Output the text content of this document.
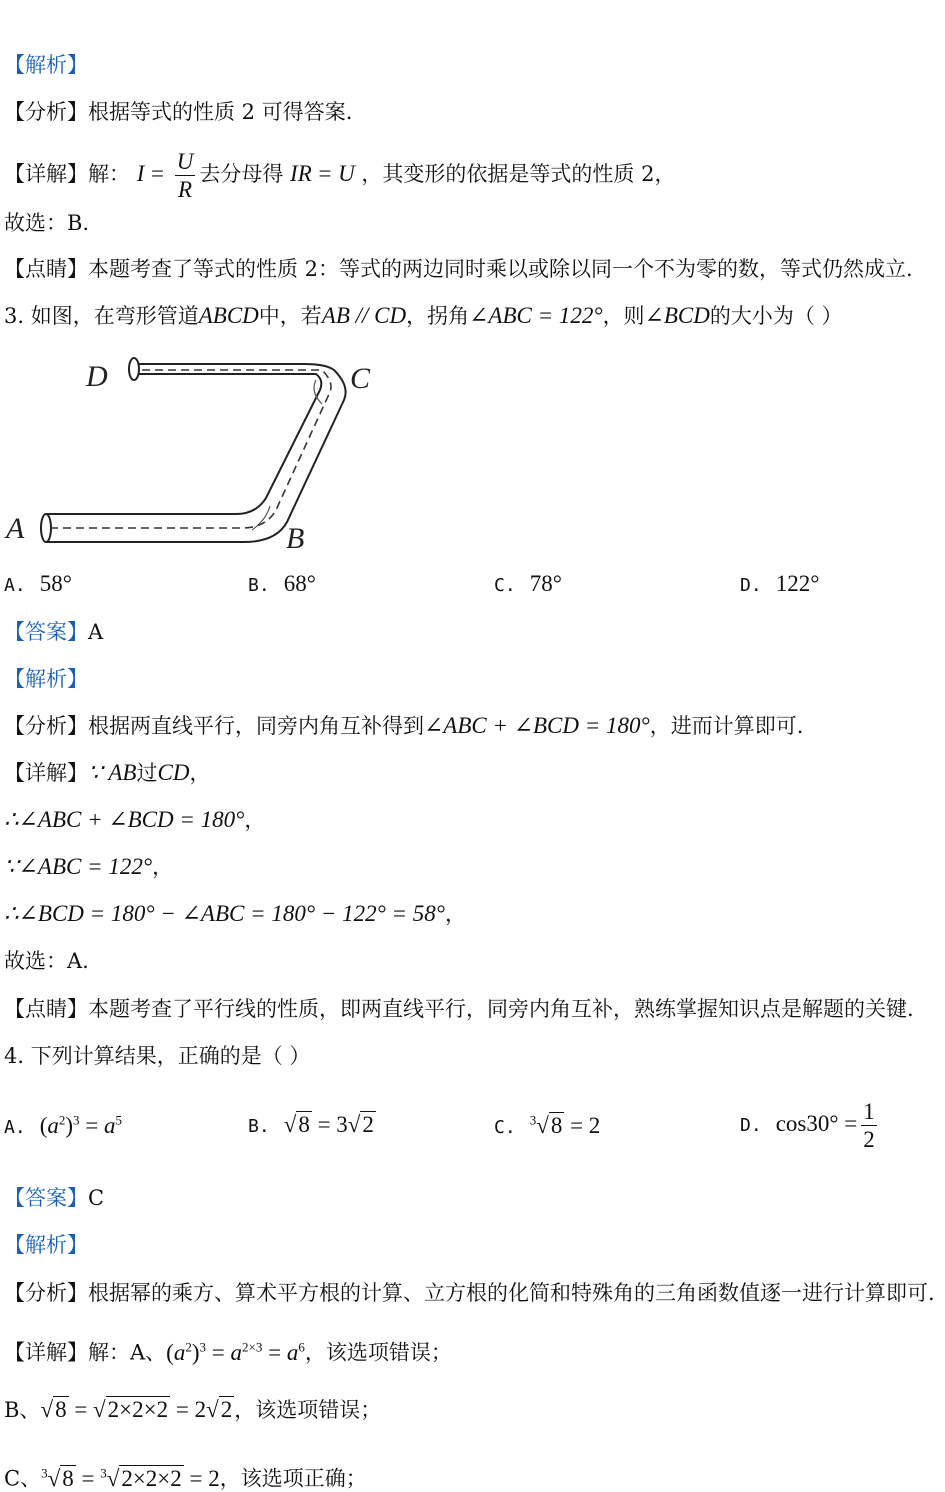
【解析】
【分析】根据等式的性质 2 可得答案.
【详解】解： $I = \frac{U}{R}$ 去分母得 IR = U ，其变形的依据是等式的性质 2，
故选：B.
【点睛】本题考查了等式的性质 2：等式的两边同时乘以或除以同一个不为零的数，等式仍然成立.
3. 如图，在弯形管道ABCD中，若AB // CD，拐角∠ABC = 122°，则∠BCD的大小为（ ）
A	B
C
D
A. 58°	B. 68°	C. 78°	D. 122°
【答案】A
【解析】
【分析】根据两直线平行，同旁内角互补得到∠ABC + ∠BCD = 180°，进而计算即可.
【详解】∵ AB过CD，
∴∠ABC + ∠BCD = 180°，
∵∠ABC = 122°，
∴∠BCD = 180° − ∠ABC = 180° − 122° = 58°，
故选：A.
【点睛】本题考查了平行线的性质，即两直线平行，同旁内角互补，熟练掌握知识点是解题的关键.
4. 下列计算结果，正确的是（ ）
A. $(a^2)^3 = a^5$	B. √8 = 3√2	C. $^3$√8 = 2	D. $\cos 30^\circ = \frac{1}{2}$
【答案】C
【解析】
【分析】根据幂的乘方、算术平方根的计算、立方根的化简和特殊角的三角函数值逐一进行计算即可.
【详解】解：A、$(a^2)^3 = a^{2\times 3} = a^6$，该选项错误；
B、√8 = √2×2×2 = 2√2，该选项错误；
C、$^3$√8 = $^3$√2×2×2 = 2，该选项正确；
